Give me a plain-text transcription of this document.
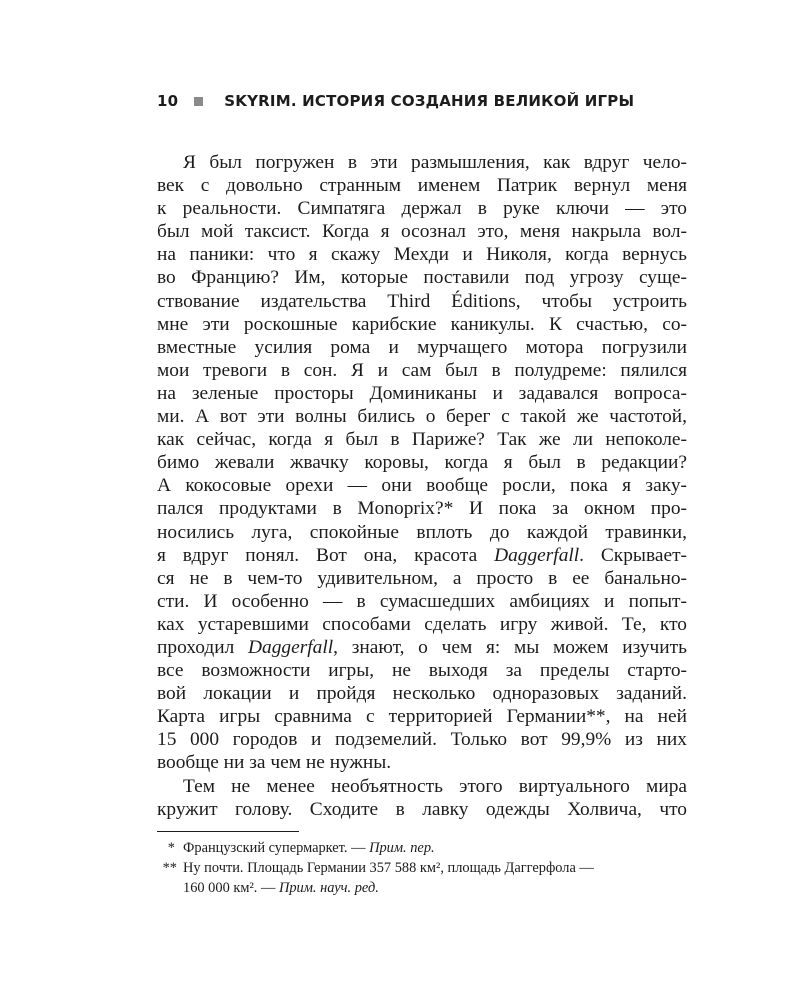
10	SKYRIM. ИСТОРИЯ СОЗДАНИЯ ВЕЛИКОЙ ИГРЫ
Я был погружен в эти размышления, как вдруг чело-
век с довольно странным именем Патрик вернул меня
к реальности. Симпатяга держал в руке ключи — это
был мой таксист. Когда я осознал это, меня накрыла вол-
на паники: что я скажу Мехди и Николя, когда вернусь
во Францию? Им, которые поставили под угрозу суще-
ствование издательства Third Éditions, чтобы устроить
мне эти роскошные карибские каникулы. К счастью, со-
вместные усилия рома и мурчащего мотора погрузили
мои тревоги в сон. Я и сам был в полудреме: пялился
на зеленые просторы Доминиканы и задавался вопроса-
ми. А вот эти волны бились о берег с такой же частотой,
как сейчас, когда я был в Париже? Так же ли непоколе-
бимо жевали жвачку коровы, когда я был в редакции?
А кокосовые орехи — они вообще росли, пока я заку-
пался продуктами в Monoprix?* И пока за окном про-
носились луга, спокойные вплоть до каждой травинки,
я вдруг понял. Вот она, красота Daggerfall. Скрывает-
ся не в чем-то удивительном, а просто в ее банально-
сти. И особенно — в сумасшедших амбициях и попыт-
ках устаревшими способами сделать игру живой. Те, кто
проходил Daggerfall, знают, о чем я: мы можем изучить
все возможности игры, не выходя за пределы старто-
вой локации и пройдя несколько одноразовых заданий.
Карта игры сравнима с территорией Германии**, на ней
15 000 городов и подземелий. Только вот 99,9% из них
вообще ни за чем не нужны.
Тем не менее необъятность этого виртуального мира
кружит голову. Сходите в лавку одежды Холвича, что
* Французский супермаркет. — Прим. пер.
** Ну почти. Площадь Германии 357 588 км², площадь Даггерфола —
160 000 км². — Прим. науч. ред.
